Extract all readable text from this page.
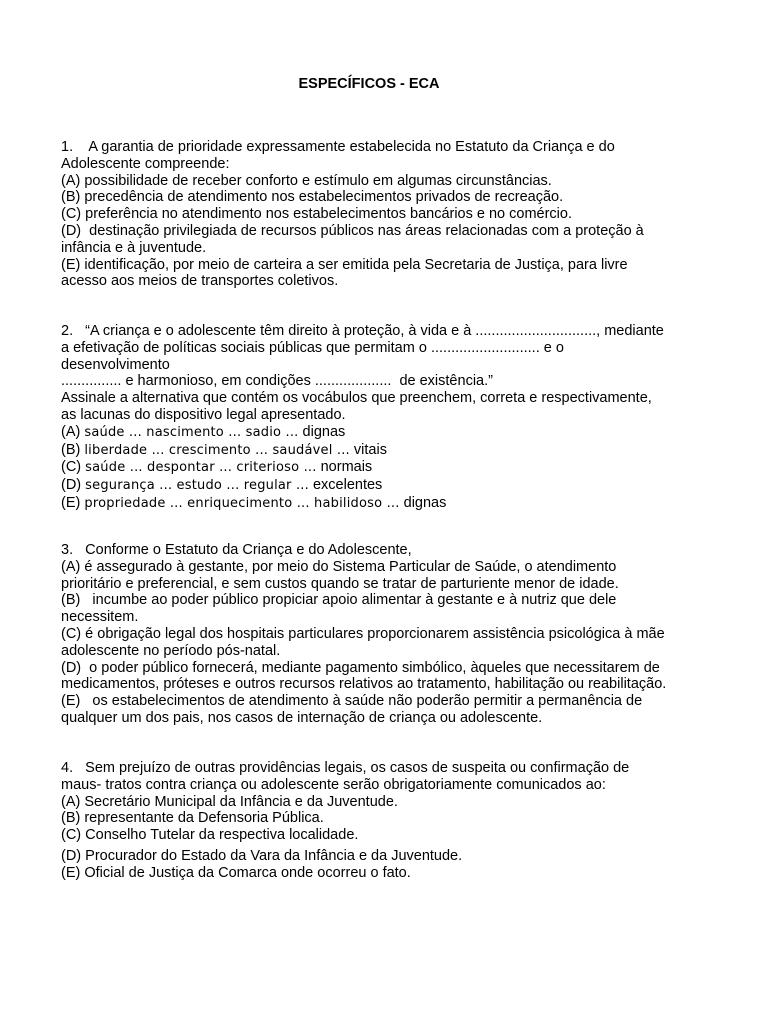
ESPECÍFICOS - ECA
1.    A garantia de prioridade expressamente estabelecida no Estatuto da Criança e do
Adolescente compreende:
(A) possibilidade de receber conforto e estímulo em algumas circunstâncias.
(B) precedência de atendimento nos estabelecimentos privados de recreação.
(C) preferência no atendimento nos estabelecimentos bancários e no comércio.
(D)  destinação privilegiada de recursos públicos nas áreas relacionadas com a proteção à
infância e à juventude.
(E) identificação, por meio de carteira a ser emitida pela Secretaria de Justiça, para livre
acesso aos meios de transportes coletivos.
2.   “A criança e o adolescente têm direito à proteção, à vida e à .............................., mediante
a efetivação de políticas sociais públicas que permitam o ........................... e o
desenvolvimento
............... e harmonioso, em condições ...................  de existência.”
Assinale a alternativa que contém os vocábulos que preenchem, correta e respectivamente,
as lacunas do dispositivo legal apresentado.
(A) saúde ... nascimento ... sadio ... dignas
(B) liberdade ... crescimento ... saudável ... vitais
(C) saúde ... despontar ... criterioso ... normais
(D) segurança ... estudo ... regular ... excelentes
(E) propriedade ... enriquecimento ... habilidoso ... dignas
3.   Conforme o Estatuto da Criança e do Adolescente,
(A) é assegurado à gestante, por meio do Sistema Particular de Saúde, o atendimento
prioritário e preferencial, e sem custos quando se tratar de parturiente menor de idade.
(B)   incumbe ao poder público propiciar apoio alimentar à gestante e à nutriz que dele
necessitem.
(C) é obrigação legal dos hospitais particulares proporcionarem assistência psicológica à mãe
adolescente no período pós-natal.
(D)  o poder público fornecerá, mediante pagamento simbólico, àqueles que necessitarem de
medicamentos, próteses e outros recursos relativos ao tratamento, habilitação ou reabilitação.
(E)   os estabelecimentos de atendimento à saúde não poderão permitir a permanência de
qualquer um dos pais, nos casos de internação de criança ou adolescente.
4.   Sem prejuízo de outras providências legais, os casos de suspeita ou confirmação de
maus- tratos contra criança ou adolescente serão obrigatoriamente comunicados ao:
(A) Secretário Municipal da Infância e da Juventude.
(B) representante da Defensoria Pública.
(C) Conselho Tutelar da respectiva localidade.
(D) Procurador do Estado da Vara da Infância e da Juventude.
(E) Oficial de Justiça da Comarca onde ocorreu o fato.
